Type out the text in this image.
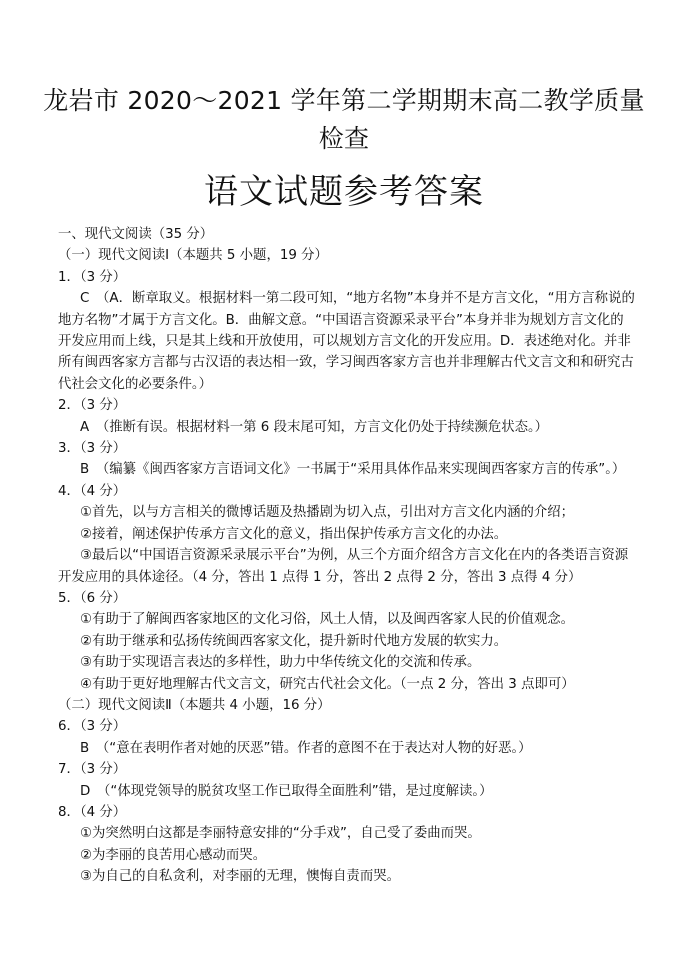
龙岩市 2020～2021 学年第二学期期末高二教学质量检查
语文试题参考答案

一、现代文阅读（35 分）

（一）现代文阅读Ⅰ（本题共 5 小题，19 分）

1．（3 分）

C　（A．断章取义。根据材料一第二段可知，“地方名物”本身并不是方言文化，“用方言称说的地方名物”才属于方言文化。B．曲解文意。“中国语言资源采录平台”本身并非为规划方言文化的开发应用而上线，只是其上线和开放使用，可以规划方言文化的开发应用。D．表述绝对化。并非所有闽西客家方言都与古汉语的表达相一致，学习闽西客家方言也并非理解古代文言文和和研究古代社会文化的必要条件。）

2．（3 分）

A　（推断有误。根据材料一第 6 段末尾可知，方言文化仍处于持续濒危状态。）

3．（3 分）

B　（编纂《闽西客家方言语词文化》一书属于“采用具体作品来实现闽西客家方言的传承”。）

4．（4 分）

①首先，以与方言相关的微博话题及热播剧为切入点，引出对方言文化内涵的介绍；

②接着，阐述保护传承方言文化的意义，指出保护传承方言文化的办法。

③最后以“中国语言资源采录展示平台”为例，从三个方面介绍含方言文化在内的各类语言资源开发应用的具体途径。（4 分，答出 1 点得 1 分，答出 2 点得 2 分，答出 3 点得 4 分）

5．（6 分）

①有助于了解闽西客家地区的文化习俗，风土人情，以及闽西客家人民的价值观念。

②有助于继承和弘扬传统闽西客家文化，提升新时代地方发展的软实力。

③有助于实现语言表达的多样性，助力中华传统文化的交流和传承。

④有助于更好地理解古代文言文，研究古代社会文化。（一点 2 分，答出 3 点即可）

（二）现代文阅读Ⅱ（本题共 4 小题，16 分）

6．（3 分）

B　（“意在表明作者对她的厌恶”错。作者的意图不在于表达对人物的好恶。）

7．（3 分）

D　（“体现党领导的脱贫攻坚工作已取得全面胜利”错，是过度解读。）

8．（4 分）

①为突然明白这都是李丽特意安排的“分手戏”，自己受了委曲而哭。

②为李丽的良苦用心感动而哭。

③为自己的自私贪利，对李丽的无理，懊悔自责而哭。
